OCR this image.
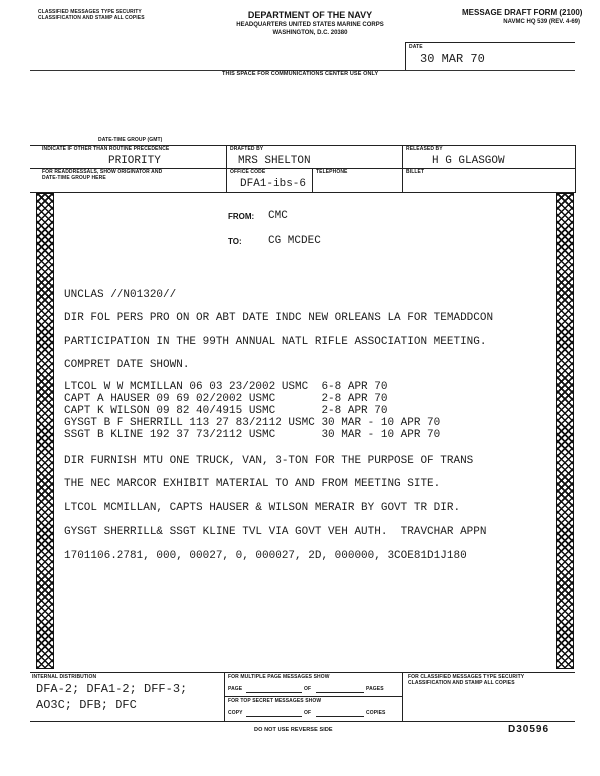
CLASSIFIED MESSAGES TYPE SECURITY
CLASSIFICATION AND STAMP ALL COPIES	DEPARTMENT OF THE NAVY
HEADQUARTERS UNITED STATES MARINE CORPS
WASHINGTON, D.C. 20380
MESSAGE DRAFT FORM (2100)
NAVMC HQ 539 (REV. 4-69)
DATE
30 MAR 70
THIS SPACE FOR COMMUNICATIONS CENTER USE ONLY
DATE-TIME GROUP (GMT)
INDICATE IF OTHER THAN ROUTINE PRECEDENCE
PRIORITY
FOR READDRESSALS, SHOW ORIGINATOR AND
DATE-TIME GROUP HERE
DRAFTED BY
MRS SHELTON
OFFICE CODE
DFA1-ibs-6
TELEPHONE
RELEASED BY
H G GLASGOW
BILLET
FROM: CMC
TO: CG MCDEC
UNCLAS //N01320//
DIR FOL PERS PRO ON OR ABT DATE INDC NEW ORLEANS LA FOR TEMADDCON
PARTICIPATION IN THE 99TH ANNUAL NATL RIFLE ASSOCIATION MEETING.
COMPRET DATE SHOWN.
LTCOL W W MCMILLAN 06 03 23/2002 USMC  6-8 APR 70
CAPT A HAUSER 09 69 02/2002 USMC       2-8 APR 70
CAPT K WILSON 09 82 40/4915 USMC       2-8 APR 70
GYSGT B F SHERRILL 113 27 83/2112 USMC 30 MAR - 10 APR 70
SSGT B KLINE 192 37 73/2112 USMC       30 MAR - 10 APR 70
DIR FURNISH MTU ONE TRUCK, VAN, 3-TON FOR THE PURPOSE OF TRANS
THE NEC MARCOR EXHIBIT MATERIAL TO AND FROM MEETING SITE.
LTCOL MCMILLAN, CAPTS HAUSER & WILSON MERAIR BY GOVT TR DIR.
GYSGT SHERRILL& SSGT KLINE TVL VIA GOVT VEH AUTH.  TRAVCHAR APPN
1701106.2781, 000, 00027, 0, 000027, 2D, 000000, 3COE81D1J180
INTERNAL DISTRIBUTION
DFA-2; DFA1-2; DFF-3;
AO3C; DFB; DFC
FOR MULTIPLE PAGE MESSAGES SHOW
PAGE	OF	PAGES
FOR TOP SECRET MESSAGES SHOW
COPY	OF	COPIES
FOR CLASSIFIED MESSAGES TYPE SECURITY
CLASSIFICATION AND STAMP ALL COPIES
DO NOT USE REVERSE SIDE	D30596
